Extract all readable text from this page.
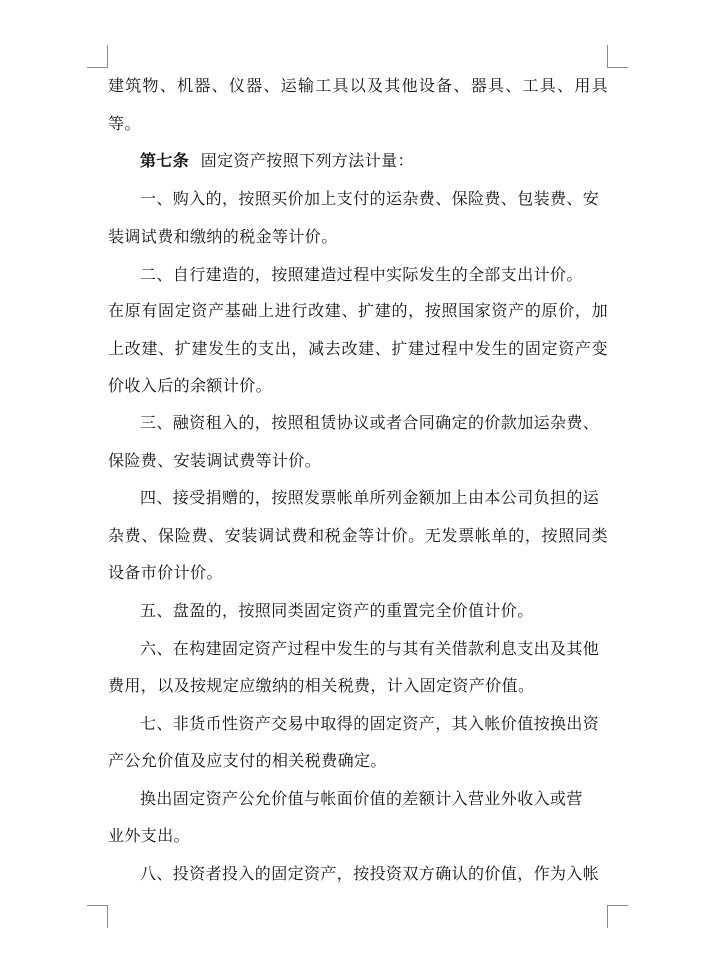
建筑物、机器、仪器、运输工具以及其他设备、器具、工具、用具
等。
第七条 固定资产按照下列方法计量：
一、购入的，按照买价加上支付的运杂费、保险费、包装费、安
装调试费和缴纳的税金等计价。
二、自行建造的，按照建造过程中实际发生的全部支出计价。
在原有固定资产基础上进行改建、扩建的，按照国家资产的原价，加
上改建、扩建发生的支出，减去改建、扩建过程中发生的固定资产变
价收入后的余额计价。
三、融资租入的，按照租赁协议或者合同确定的价款加运杂费、
保险费、安装调试费等计价。
四、接受捐赠的，按照发票帐单所列金额加上由本公司负担的运
杂费、保险费、安装调试费和税金等计价。无发票帐单的，按照同类
设备市价计价。
五、盘盈的，按照同类固定资产的重置完全价值计价。
六、在构建固定资产过程中发生的与其有关借款利息支出及其他
费用，以及按规定应缴纳的相关税费，计入固定资产价值。
七、非货币性资产交易中取得的固定资产，其入帐价值按换出资
产公允价值及应支付的相关税费确定。
换出固定资产公允价值与帐面价值的差额计入营业外收入或营
业外支出。
八、投资者投入的固定资产，按投资双方确认的价值，作为入帐
